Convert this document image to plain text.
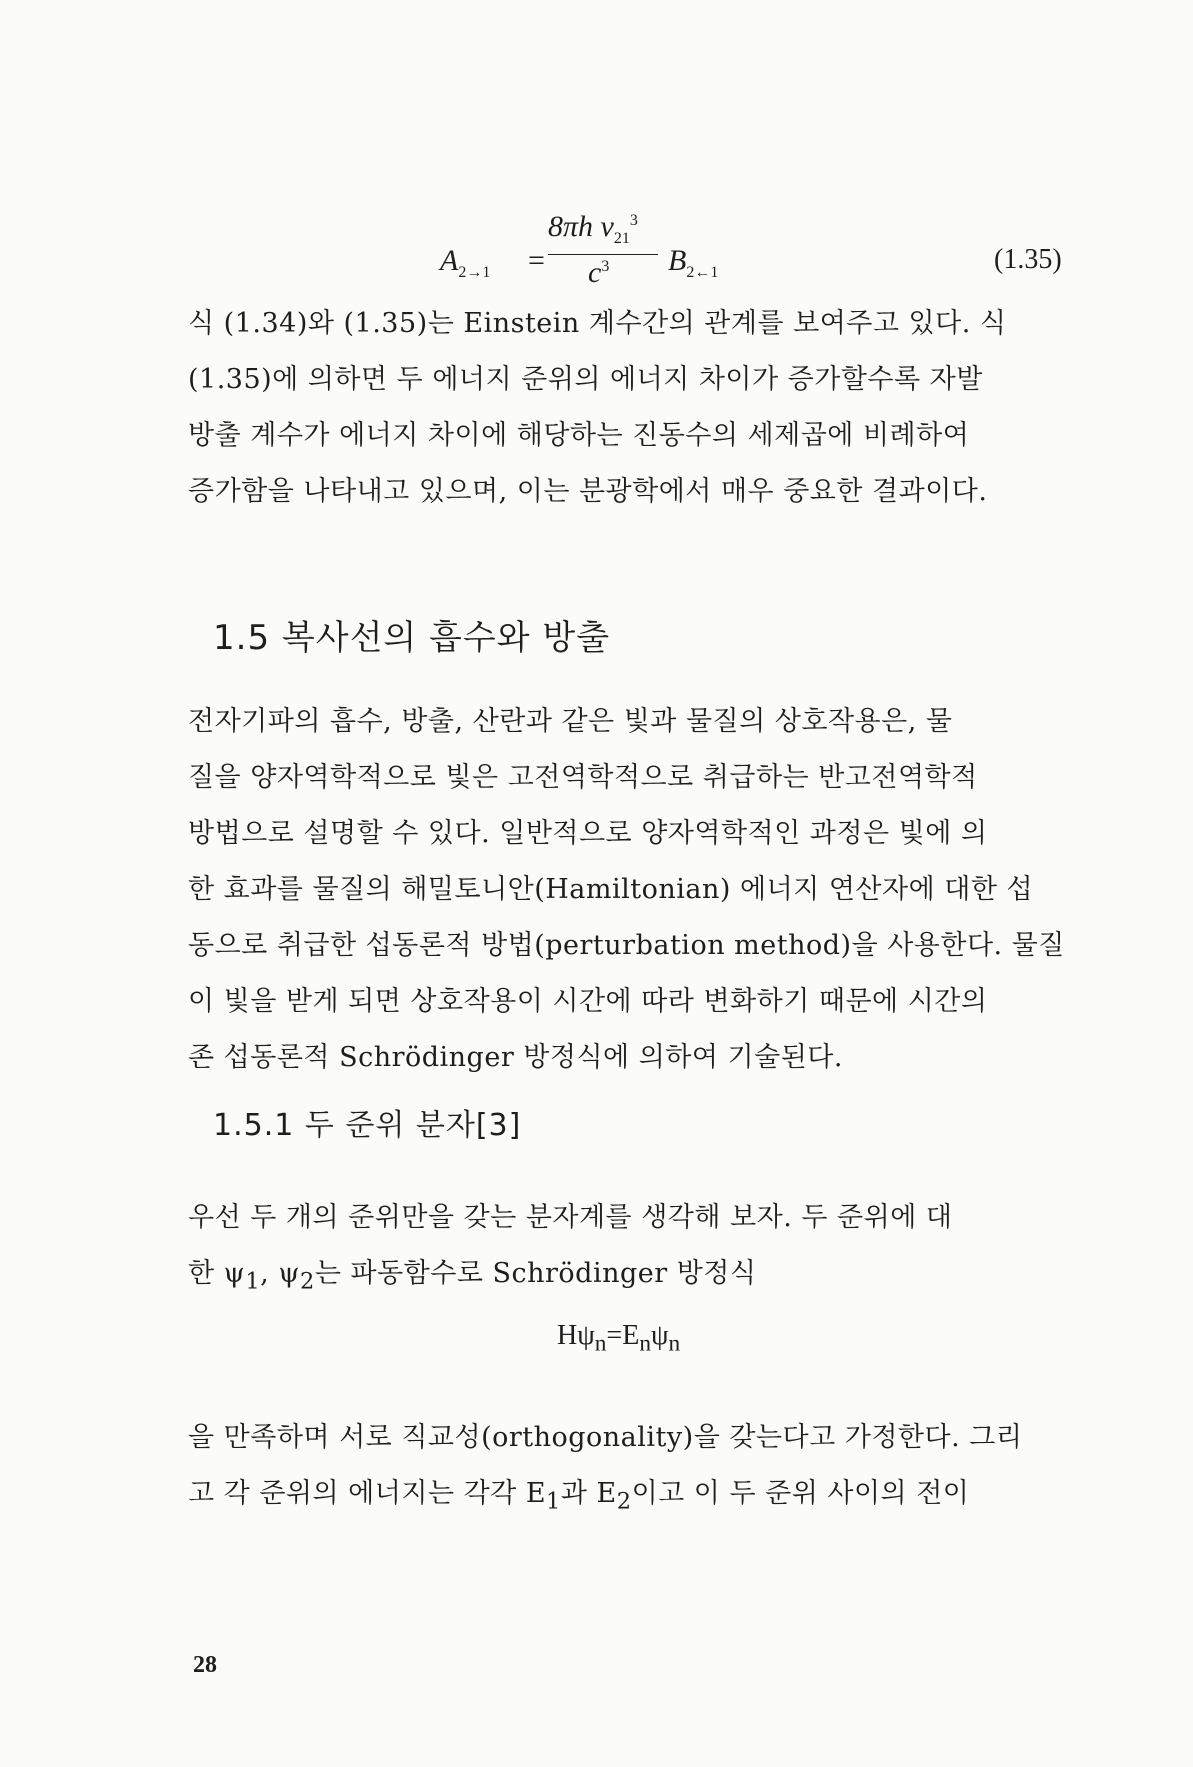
$A_{2\to 1}$ =
8πh $\nu_{21}^3$
$c^3$ $B_{2\leftarrow 1}$	(1.35)

식 (1.34)와 (1.35)는 Einstein 계수간의 관계를 보여주고 있다. 식
(1.35)에 의하면 두 에너지 준위의 에너지 차이가 증가할수록 자발
방출 계수가 에너지 차이에 해당하는 진동수의 세제곱에 비례하여
증가함을 나타내고 있으며, 이는 분광학에서 매우 중요한 결과이다.

1.5 복사선의 흡수와 방출

전자기파의 흡수, 방출, 산란과 같은 빛과 물질의 상호작용은, 물
질을 양자역학적으로 빛은 고전역학적으로 취급하는 반고전역학적
방법으로 설명할 수 있다. 일반적으로 양자역학적인 과정은 빛에 의
한 효과를 물질의 해밀토니안(Hamiltonian) 에너지 연산자에 대한 섭
동으로 취급한 섭동론적 방법(perturbation method)을 사용한다. 물질
이 빛을 받게 되면 상호작용이 시간에 따라 변화하기 때문에 시간의
존 섭동론적 Schrödinger 방정식에 의하여 기술된다.

1.5.1 두 준위 분자[3]

우선 두 개의 준위만을 갖는 분자계를 생각해 보자. 두 준위에 대
한 $\psi_1$, $\psi_2$는 파동함수로 Schrödinger 방정식

$H\psi_n=E_n\psi_n$

을 만족하며 서로 직교성(orthogonality)을 갖는다고 가정한다. 그리
고 각 준위의 에너지는 각각 $E_1$과 $E_2$이고 이 두 준위 사이의 전이

28
